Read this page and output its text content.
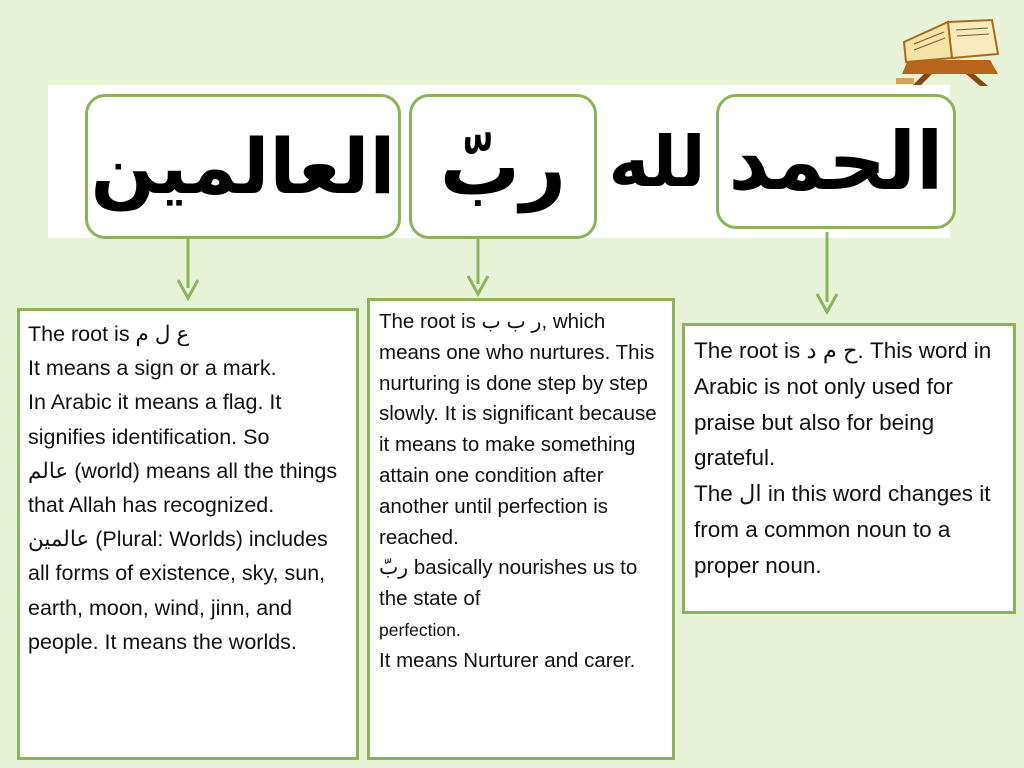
العالمين ربّ لله الحمد

The root is ع ل م

It means a sign or a mark.

In Arabic it means a flag. It signifies identification. So

عالم (world) means all the things that Allah has recognized.

عالمين (Plural: Worlds) includes all forms of existence, sky, sun, earth, moon, wind, jinn, and people. It means the worlds.

The root is ر ب ب, which means one who nurtures. This nurturing is done step by step slowly. It is significant because it means to make something attain one condition after another until perfection is reached.

ربّ basically nourishes us to the state of

perfection.

It means Nurturer and carer.

The root is ح م د. This word in Arabic is not only used for praise but also for being grateful.

The ال in this word changes it from a common noun to a proper noun.
